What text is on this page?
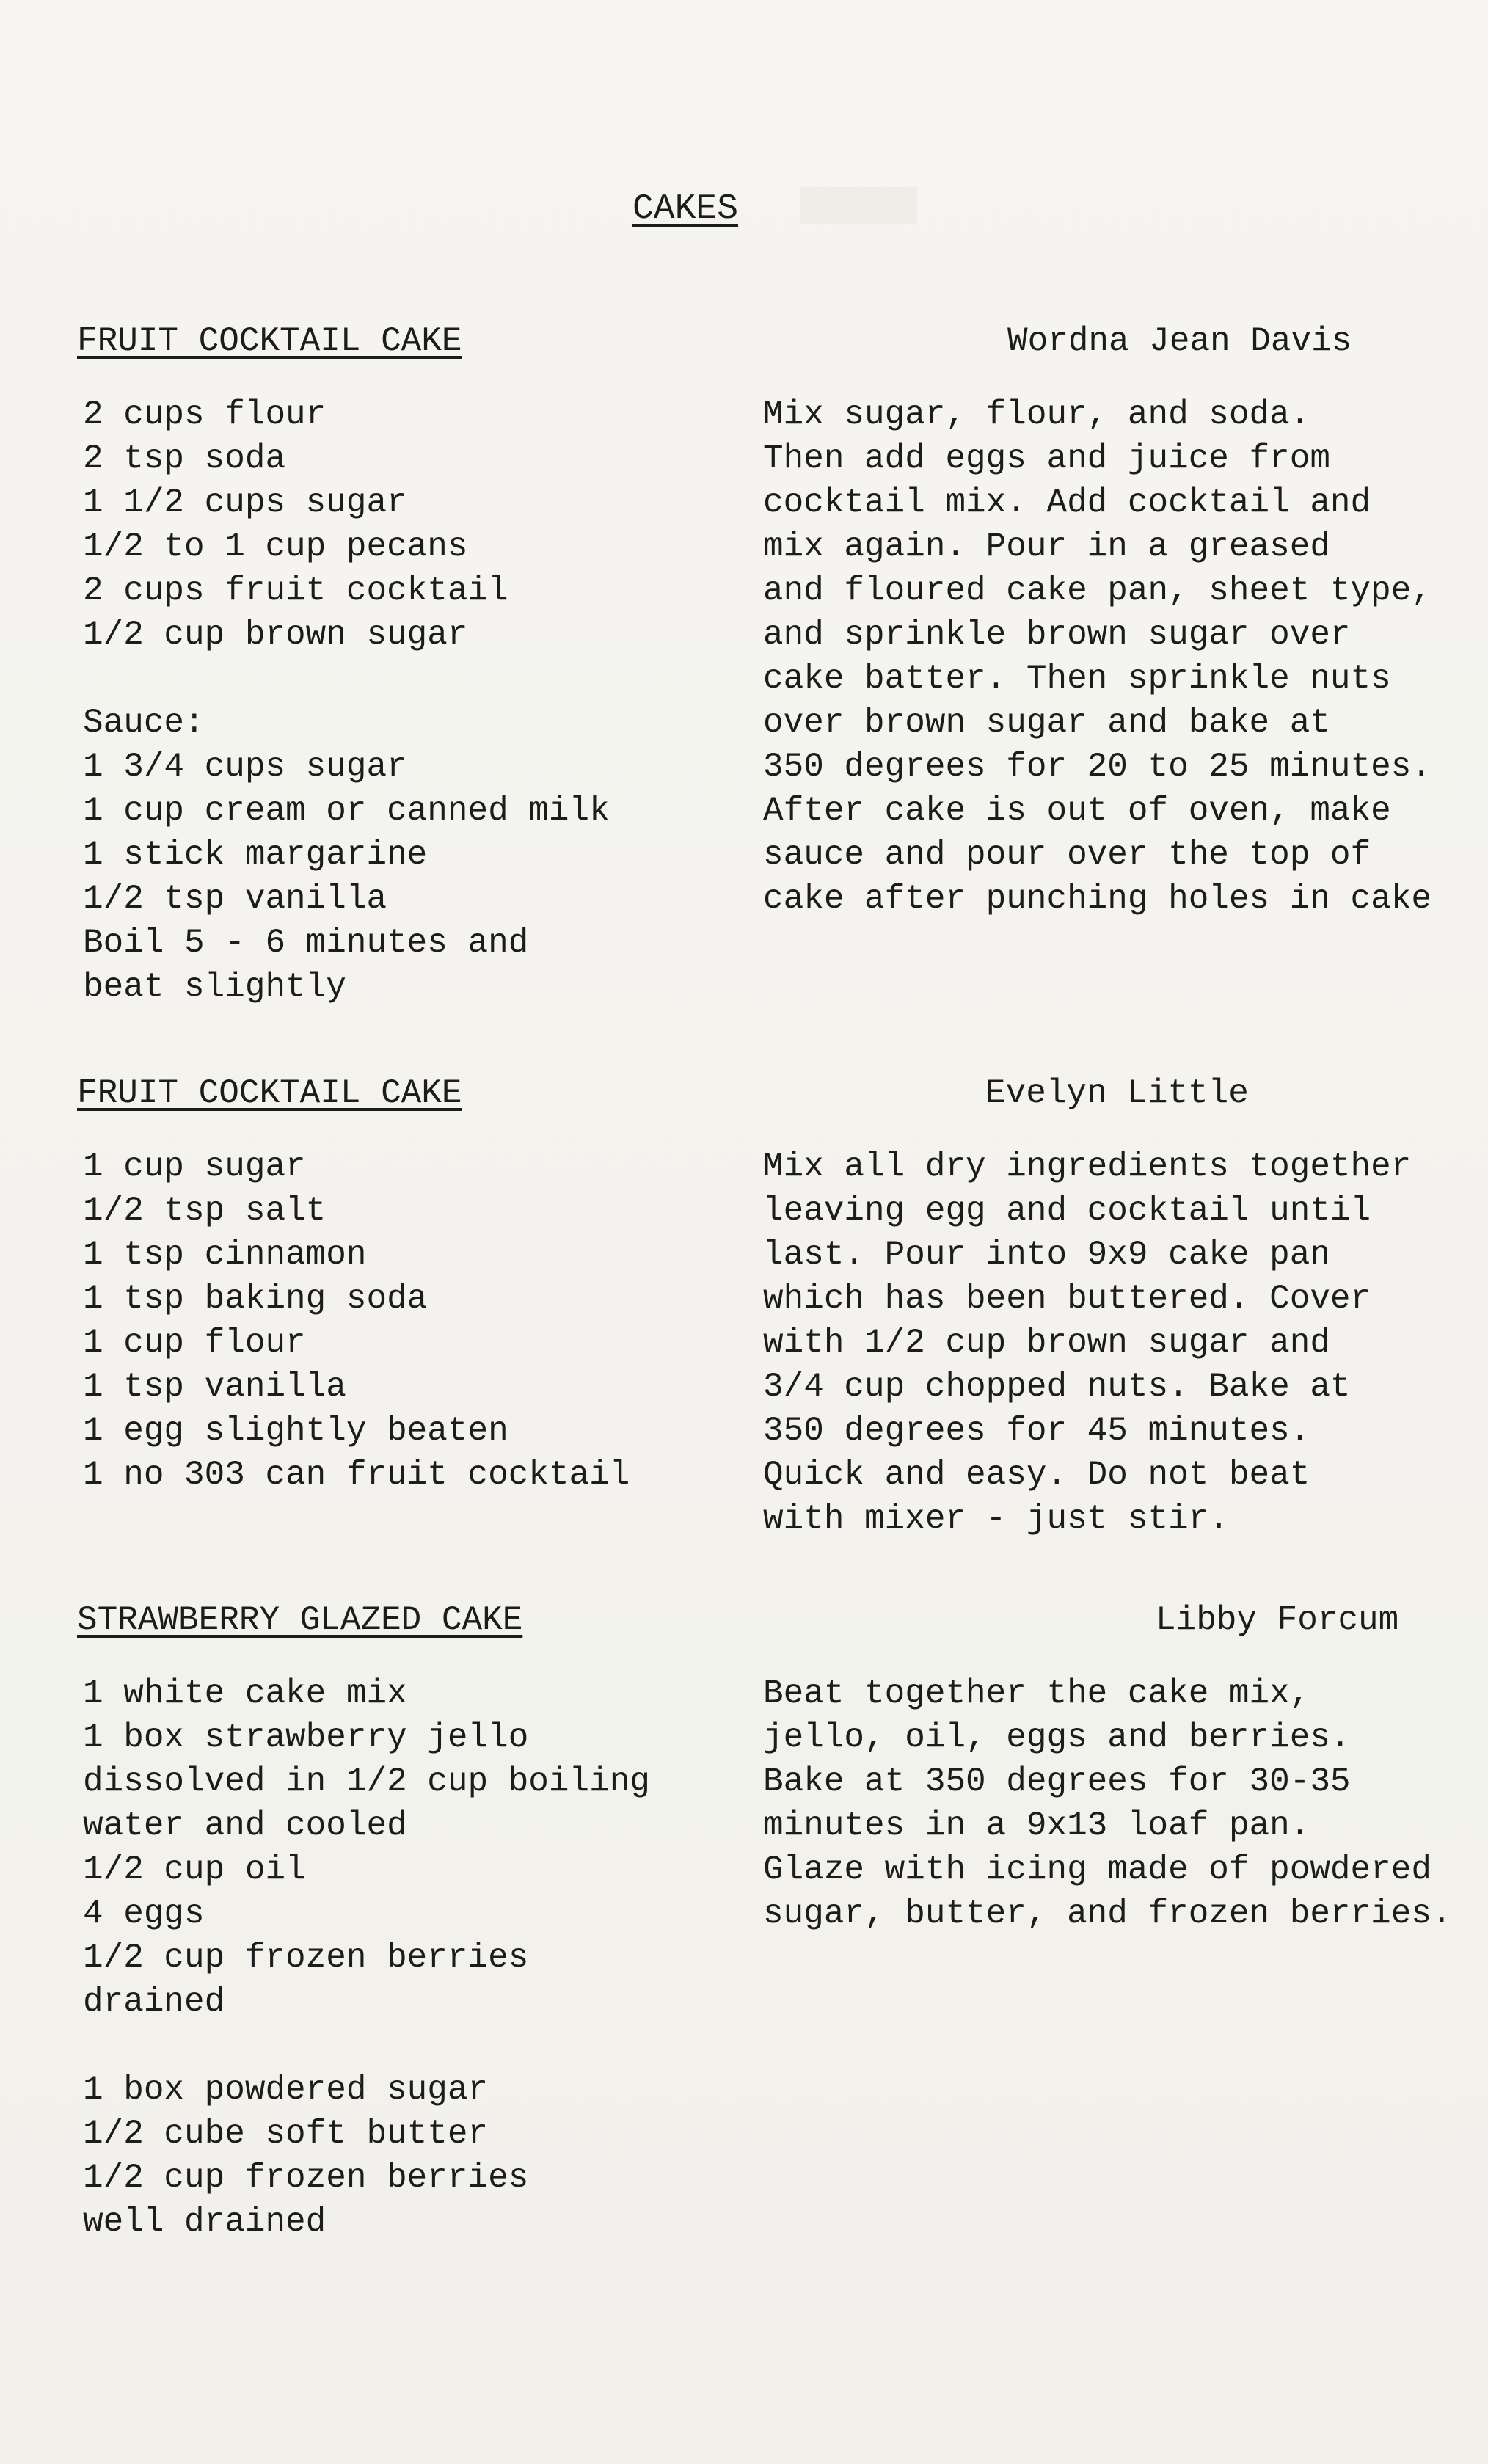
CAKES
FRUIT COCKTAIL CAKE	Wordna Jean Davis
2 cups flour
2 tsp soda
1 1/2 cups sugar
1/2 to 1 cup pecans
2 cups fruit cocktail
1/2 cup brown sugar
Sauce:
1 3/4 cups sugar
1 cup cream or canned milk
1 stick margarine
1/2 tsp vanilla
Boil 5 - 6 minutes and
beat slightly
Mix sugar, flour, and soda.
Then add eggs and juice from
cocktail mix. Add cocktail and
mix again. Pour in a greased
and floured cake pan, sheet type,
and sprinkle brown sugar over
cake batter. Then sprinkle nuts
over brown sugar and bake at
350 degrees for 20 to 25 minutes.
After cake is out of oven, make
sauce and pour over the top of
cake after punching holes in cake
FRUIT COCKTAIL CAKE	Evelyn Little
1 cup sugar
1/2 tsp salt
1 tsp cinnamon
1 tsp baking soda
1 cup flour
1 tsp vanilla
1 egg slightly beaten
1 no 303 can fruit cocktail
Mix all dry ingredients together
leaving egg and cocktail until
last. Pour into 9x9 cake pan
which has been buttered. Cover
with 1/2 cup brown sugar and
3/4 cup chopped nuts. Bake at
350 degrees for 45 minutes.
Quick and easy. Do not beat
with mixer - just stir.
STRAWBERRY GLAZED CAKE	Libby Forcum
1 white cake mix
1 box strawberry jello
dissolved in 1/2 cup boiling
water and cooled
1/2 cup oil
4 eggs
1/2 cup frozen berries
drained
1 box powdered sugar
1/2 cube soft butter
1/2 cup frozen berries
well drained
Beat together the cake mix,
jello, oil, eggs and berries.
Bake at 350 degrees for 30-35
minutes in a 9x13 loaf pan.
Glaze with icing made of powdered
sugar, butter, and frozen berries.
